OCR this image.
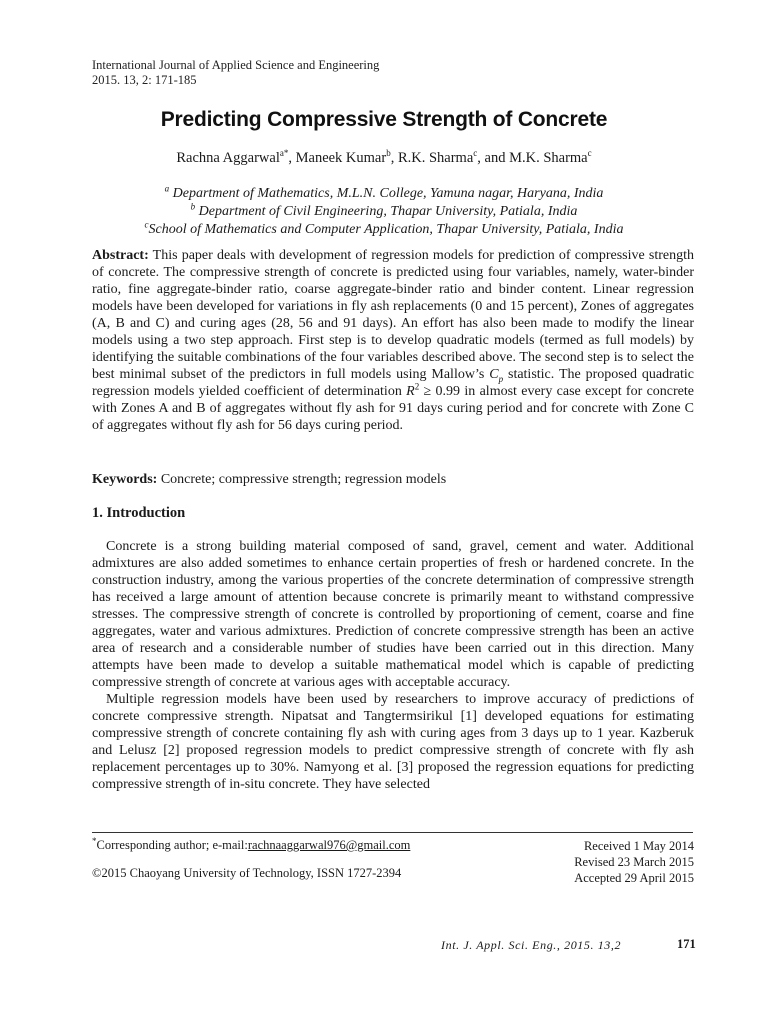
International Journal of Applied Science and Engineering
2015. 13, 2: 171-185
Predicting Compressive Strength of Concrete
Rachna Aggarwal$^{a*}$, Maneek Kumar$^b$, R.K. Sharma$^c$, and M.K. Sharma$^c$
$^a$ Department of Mathematics, M.L.N. College, Yamuna nagar, Haryana, India
$^b$ Department of Civil Engineering, Thapar University, Patiala, India
$^c$School of Mathematics and Computer Application, Thapar University, Patiala, India
Abstract: This paper deals with development of regression models for prediction of compressive strength of concrete. The compressive strength of concrete is predicted using four variables, namely, water-binder ratio, fine aggregate-binder ratio, coarse aggregate-binder ratio and binder content. Linear regression models have been developed for variations in fly ash replacements (0 and 15 percent), Zones of aggregates (A, B and C) and curing ages (28, 56 and 91 days). An effort has also been made to modify the linear models using a two step approach. First step is to develop quadratic models (termed as full models) by identifying the suitable combinations of the four variables described above. The second step is to select the best minimal subset of the predictors in full models using Mallow’s $C_p$ statistic. The proposed quadratic regression models yielded coefficient of determination $R^2 \ge 0.99$ in almost every case except for concrete with Zones A and B of aggregates without fly ash for 91 days curing period and for concrete with Zone C of aggregates without fly ash for 56 days curing period.
Keywords: Concrete; compressive strength; regression models
1. Introduction

Concrete is a strong building material composed of sand, gravel, cement and water. Additional admixtures are also added sometimes to enhance certain properties of fresh or hardened concrete. In the construction industry, among the various properties of the concrete determination of compressive strength has received a large amount of attention because concrete is primarily meant to withstand compressive stresses. The compressive strength of concrete is controlled by proportioning of cement, coarse and fine aggregates, water and various admixtures. Prediction of concrete compressive strength has been an active area of research and a considerable number of studies have been carried out in this direction. Many attempts have been made to develop a suitable mathematical model which is capable of predicting compressive strength of concrete at various ages with acceptable accuracy.

Multiple regression models have been used by researchers to improve accuracy of predictions of concrete compressive strength. Nipatsat and Tangtermsirikul [1] developed equations for estimating compressive strength of concrete containing fly ash with curing ages from 3 days up to 1 year. Kazberuk and Lelusz [2] proposed regression models to predict compressive strength of concrete with fly ash replacement percentages up to 30%. Namyong et al. [3] proposed the regression equations for predicting compressive strength of in-situ concrete. They have selected

*Corresponding author; e-mail:rachnaaggarwal976@gmail.com
©2015 Chaoyang University of Technology, ISSN 1727-2394
Received 1 May 2014
Revised 23 March 2015
Accepted 29 April 2015
Int. J. Appl. Sci. Eng., 2015. 13,2	171
